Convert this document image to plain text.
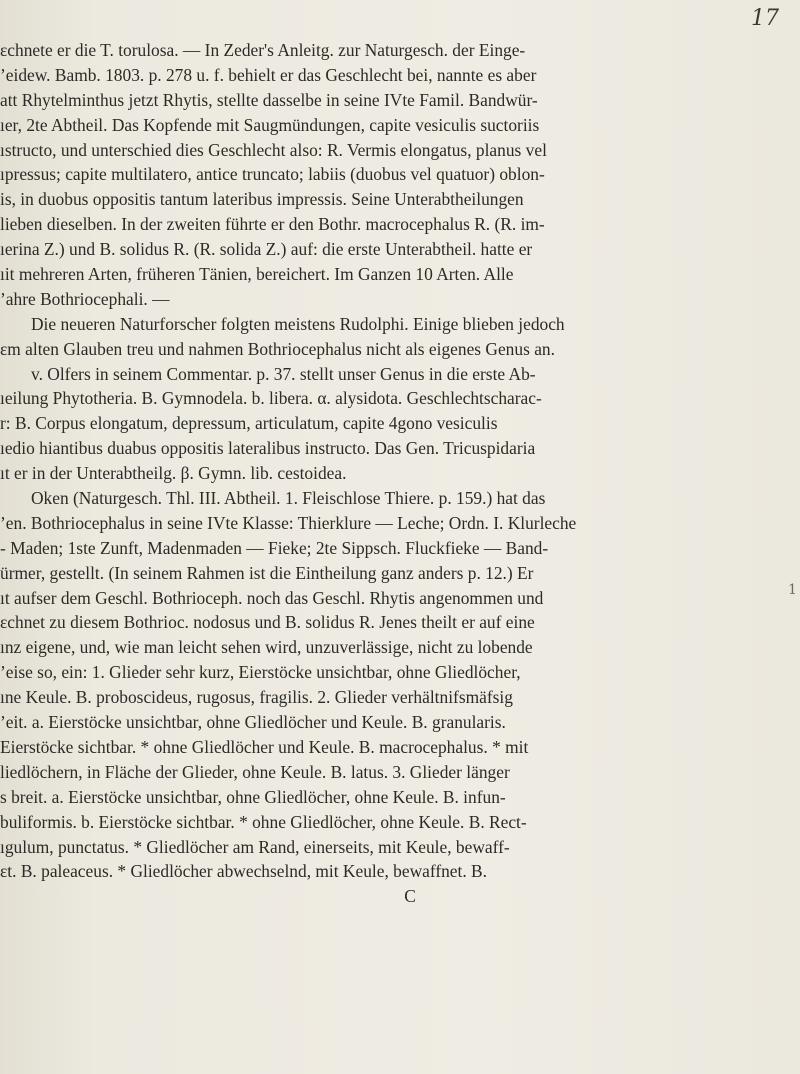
17
ɛchnete er die T. torulosa. — In Zeder's Anleitg. zur Naturgesch. der Einge-
ʼeidew. Bamb. 1803. p. 278 u. f. behielt er das Geschlecht bei, nannte es aber
att Rhytelminthus jetzt Rhytis, stellte dasselbe in seine IVte Famil. Bandwür-
ıer, 2te Abtheil. Das Kopfende mit Saugmündungen, capite vesiculis suctoriis
ıstructo, und unterschied dies Geschlecht also: R. Vermis elongatus, planus vel
ıpressus; capite multilatero, antice truncato; labiis (duobus vel quatuor) oblon-
is, in duobus oppositis tantum lateribus impressis. Seine Unterabtheilungen
lieben dieselben. In der zweiten führte er den Bothr. macrocephalus R. (R. im-
ıerina Z.) und B. solidus R. (R. solida Z.) auf: die erste Unterabtheil. hatte er
ıit mehreren Arten, früheren Tänien, bereichert. Im Ganzen 10 Arten. Alle
ʼahre Bothriocephali. —
Die neueren Naturforscher folgten meistens Rudolphi. Einige blieben jedoch
ɛm alten Glauben treu und nahmen Bothriocephalus nicht als eigenes Genus an.
v. Olfers in seinem Commentar. p. 37. stellt unser Genus in die erste Ab-
ıeilung Phytotheria. B. Gymnodela. b. libera. α. alysidota. Geschlechtscharac-
r: B. Corpus elongatum, depressum, articulatum, capite 4gono vesiculis
ıedio hiantibus duabus oppositis lateralibus instructo. Das Gen. Tricuspidaria
ıt er in der Unterabtheilg. β. Gymn. lib. cestoidea.
Oken (Naturgesch. Thl. III. Abtheil. 1. Fleischlose Thiere. p. 159.) hat das
ʼen. Bothriocephalus in seine IVte Klasse: Thierklure — Leche; Ordn. I. Klurleche
- Maden; 1ste Zunft, Madenmaden — Fieke; 2te Sippsch. Fluckfieke — Band-
ürmer, gestellt. (In seinem Rahmen ist die Eintheilung ganz anders p. 12.) Er
ıt aufser dem Geschl. Bothrioceph. noch das Geschl. Rhytis angenommen und
ɛchnet zu diesem Bothrioc. nodosus und B. solidus R. Jenes theilt er auf eine
ınz eigene, und, wie man leicht sehen wird, unzuverlässige, nicht zu lobende
ʼeise so, ein: 1. Glieder sehr kurz, Eierstöcke unsichtbar, ohne Gliedlöcher,
ıne Keule. B. proboscideus, rugosus, fragilis. 2. Glieder verhältnifsmäfsig
ʼeit. a. Eierstöcke unsichtbar, ohne Gliedlöcher und Keule. B. granularis.
Eierstöcke sichtbar. * ohne Gliedlöcher und Keule. B. macrocephalus. * mit
liedlöchern, in Fläche der Glieder, ohne Keule. B. latus. 3. Glieder länger
s breit. a. Eierstöcke unsichtbar, ohne Gliedlöcher, ohne Keule. B. infun-
buliformis. b. Eierstöcke sichtbar. * ohne Gliedlöcher, ohne Keule. B. Rect-
ıgulum, punctatus. * Gliedlöcher am Rand, einerseits, mit Keule, bewaff-
ɛt. B. paleaceus. * Gliedlöcher abwechselnd, mit Keule, bewaffnet. B.
C
1
